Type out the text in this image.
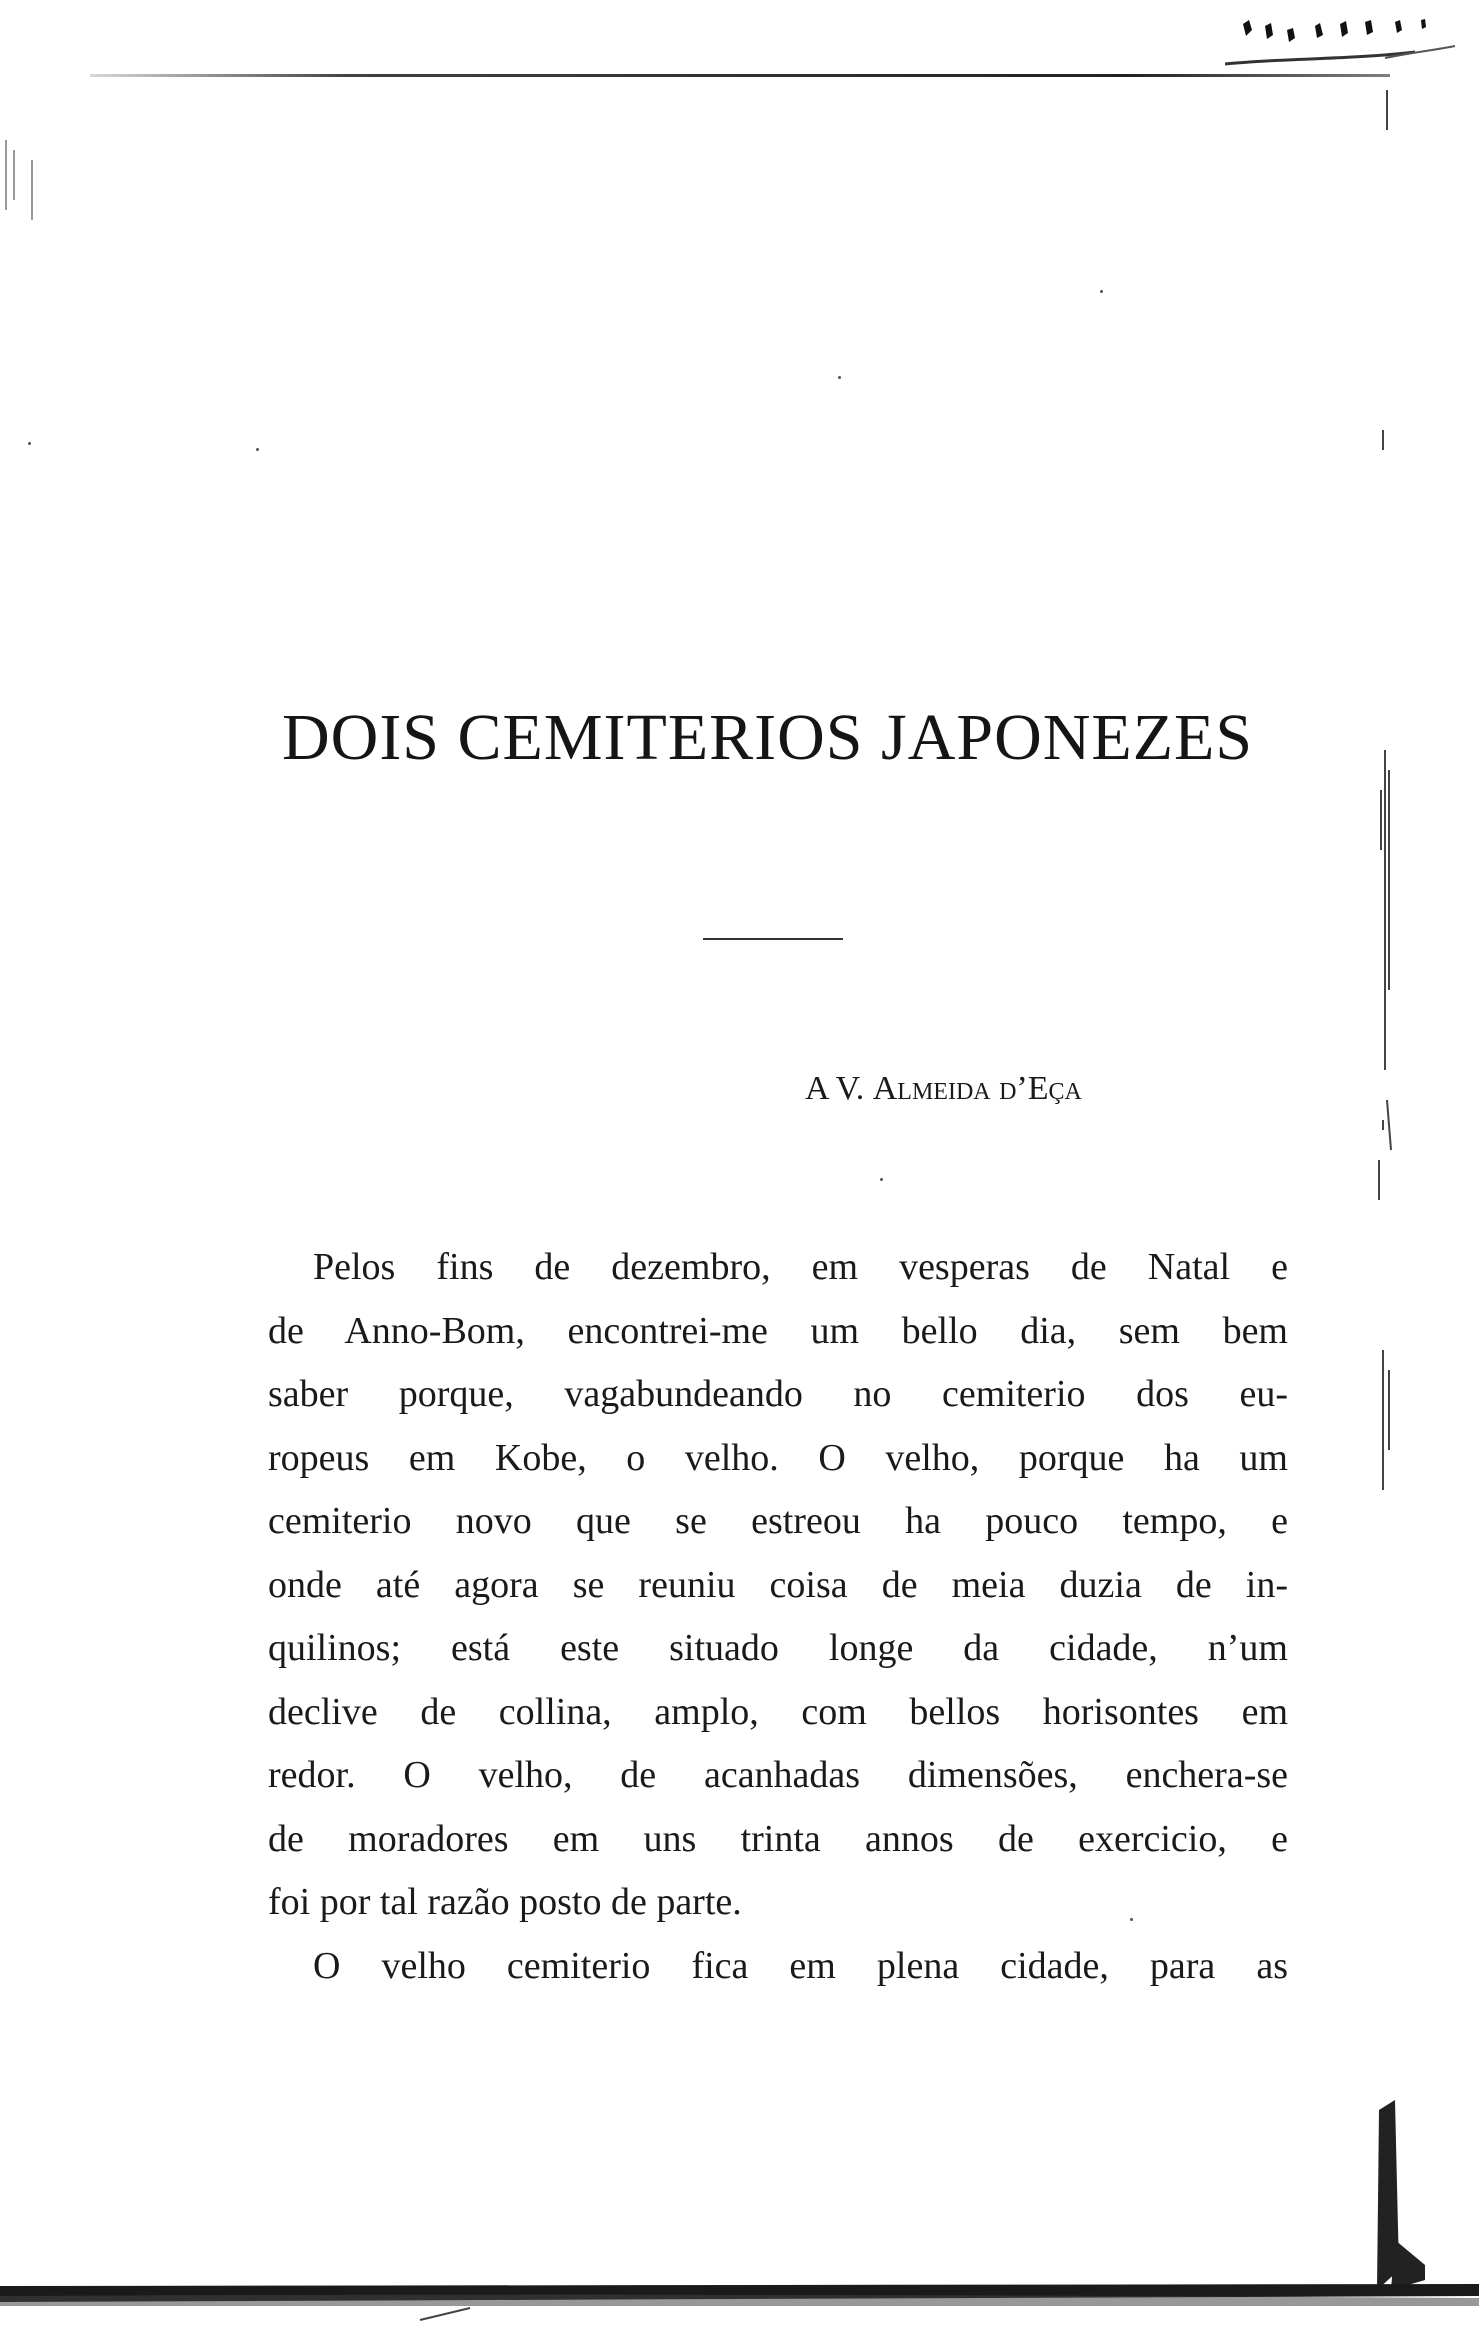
DOIS CEMITERIOS JAPONEZES
A V. Almeida d’Eça
Pelos fins de dezembro, em vesperas de Natal e
de Anno-Bom, encontrei-me um bello dia, sem bem
saber porque, vagabundeando no cemiterio dos eu-
ropeus em Kobe, o velho. O velho, porque ha um
cemiterio novo que se estreou ha pouco tempo, e
onde até agora se reuniu coisa de meia duzia de in-
quilinos; está este situado longe da cidade, n’um
declive de collina, amplo, com bellos horisontes em
redor. O velho, de acanhadas dimensões, enchera-se
de moradores em uns trinta annos de exercicio, e
foi por tal razão posto de parte.
O velho cemiterio fica em plena cidade, para as
